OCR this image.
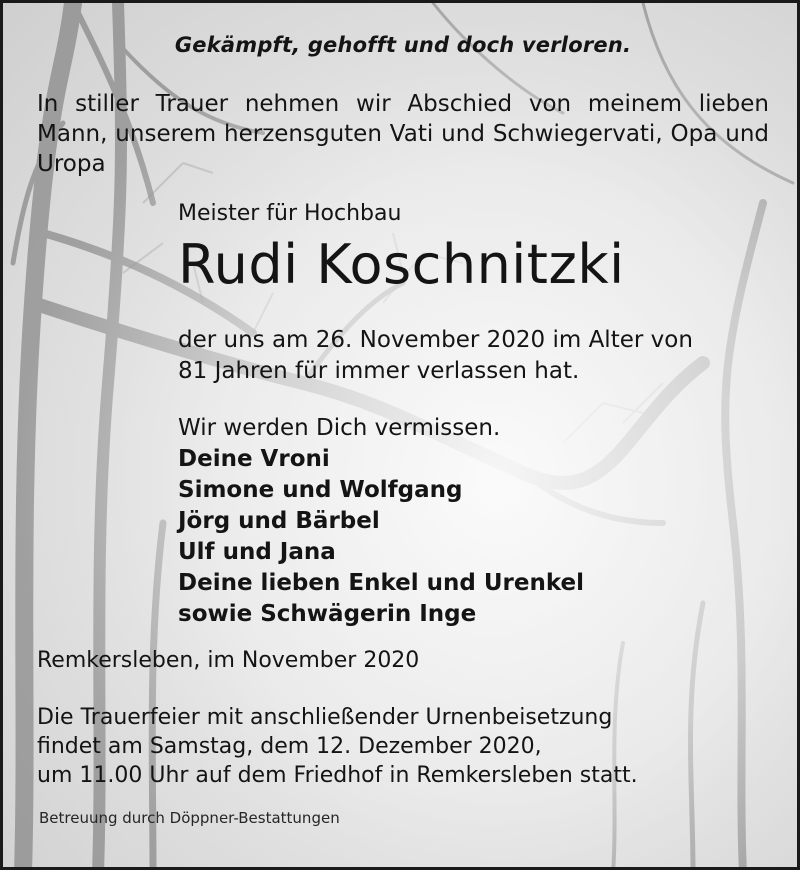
Gekämpft, gehofft und doch verloren.

In stiller Trauer nehmen wir Abschied von meinem lieben Mann, unserem herzensguten Vati und Schwiegervati, Opa und Uropa

Meister für Hochbau
Rudi Koschnitzki
der uns am 26. November 2020 im Alter von
81 Jahren für immer verlassen hat.
Wir werden Dich vermissen.
Deine Vroni
Simone und Wolfgang
Jörg und Bärbel
Ulf und Jana
Deine lieben Enkel und Urenkel
sowie Schwägerin Inge
Remkersleben, im November 2020
Die Trauerfeier mit anschließender Urnenbeisetzung
findet am Samstag, dem 12. Dezember 2020,
um 11.00 Uhr auf dem Friedhof in Remkersleben statt.
Betreuung durch Döppner-Bestattungen
